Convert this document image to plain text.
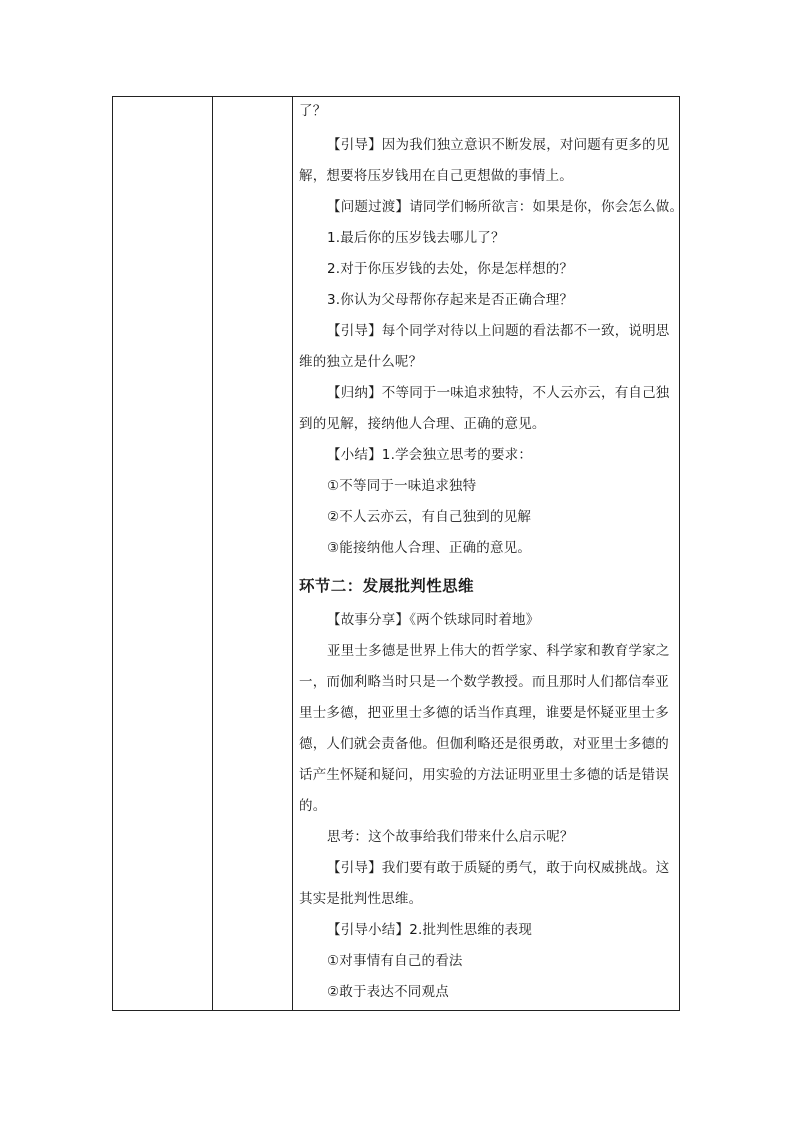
了？
【引导】因为我们独立意识不断发展，对问题有更多的见
解，想要将压岁钱用在自己更想做的事情上。
【问题过渡】请同学们畅所欲言：如果是你，你会怎么做。
1.最后你的压岁钱去哪儿了？
2.对于你压岁钱的去处，你是怎样想的？
3.你认为父母帮你存起来是否正确合理？
【引导】每个同学对待以上问题的看法都不一致，说明思
维的独立是什么呢？
【归纳】不等同于一味追求独特，不人云亦云，有自己独
到的见解，接纳他人合理、正确的意见。
【小结】1.学会独立思考的要求：
①不等同于一味追求独特
②不人云亦云，有自己独到的见解
③能接纳他人合理、正确的意见。
环节二：发展批判性思维
【故事分享】《两个铁球同时着地》
亚里士多德是世界上伟大的哲学家、科学家和教育学家之
一，而伽利略当时只是一个数学教授。而且那时人们都信奉亚
里士多德，把亚里士多德的话当作真理，谁要是怀疑亚里士多
德，人们就会责备他。但伽利略还是很勇敢，对亚里士多德的
话产生怀疑和疑问，用实验的方法证明亚里士多德的话是错误
的。
思考：这个故事给我们带来什么启示呢？
【引导】我们要有敢于质疑的勇气，敢于向权威挑战。这
其实是批判性思维。
【引导小结】2.批判性思维的表现
①对事情有自己的看法
②敢于表达不同观点
